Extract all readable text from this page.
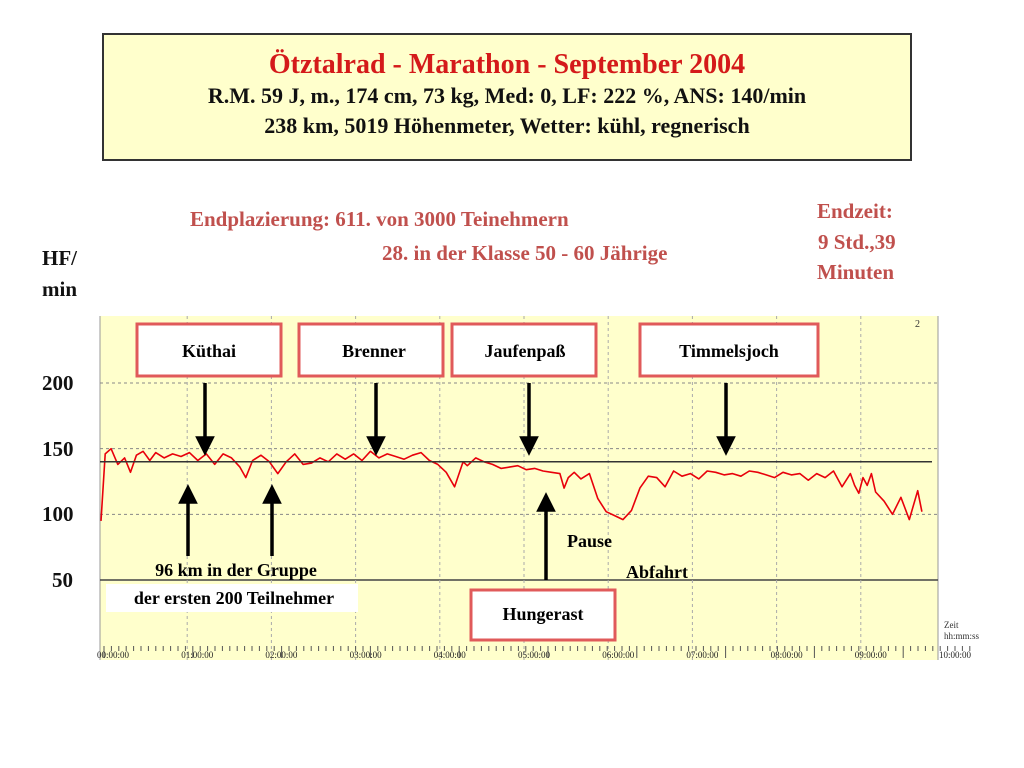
Ötztalrad - Marathon - September 2004
R.M. 59 J, m., 174 cm, 73 kg, Med: 0, LF: 222 %, ANS: 140/min
238 km, 5019 Höhenmeter, Wetter: kühl, regnerisch
Endplazierung: 611. von 3000 Teinehmern
28. in der Klasse 50 - 60 Jährige
Endzeit:
9 Std.,39
Minuten
HF/
min
00:00:00	01:00:00	02:00:00	03:00:00	04:00:00	05:00:00	06:00:00	07:00:00	08:00:00	09:00:00	10:00:00
Küthai	Brenner	Jaufenpaß	Timmelsjoch
96 km in der Gruppe
der ersten 200 Teilnehmer
Pause
Abfahrt
Hungerast
2
Zeit
hh:mm:ss
200
150
100
50
